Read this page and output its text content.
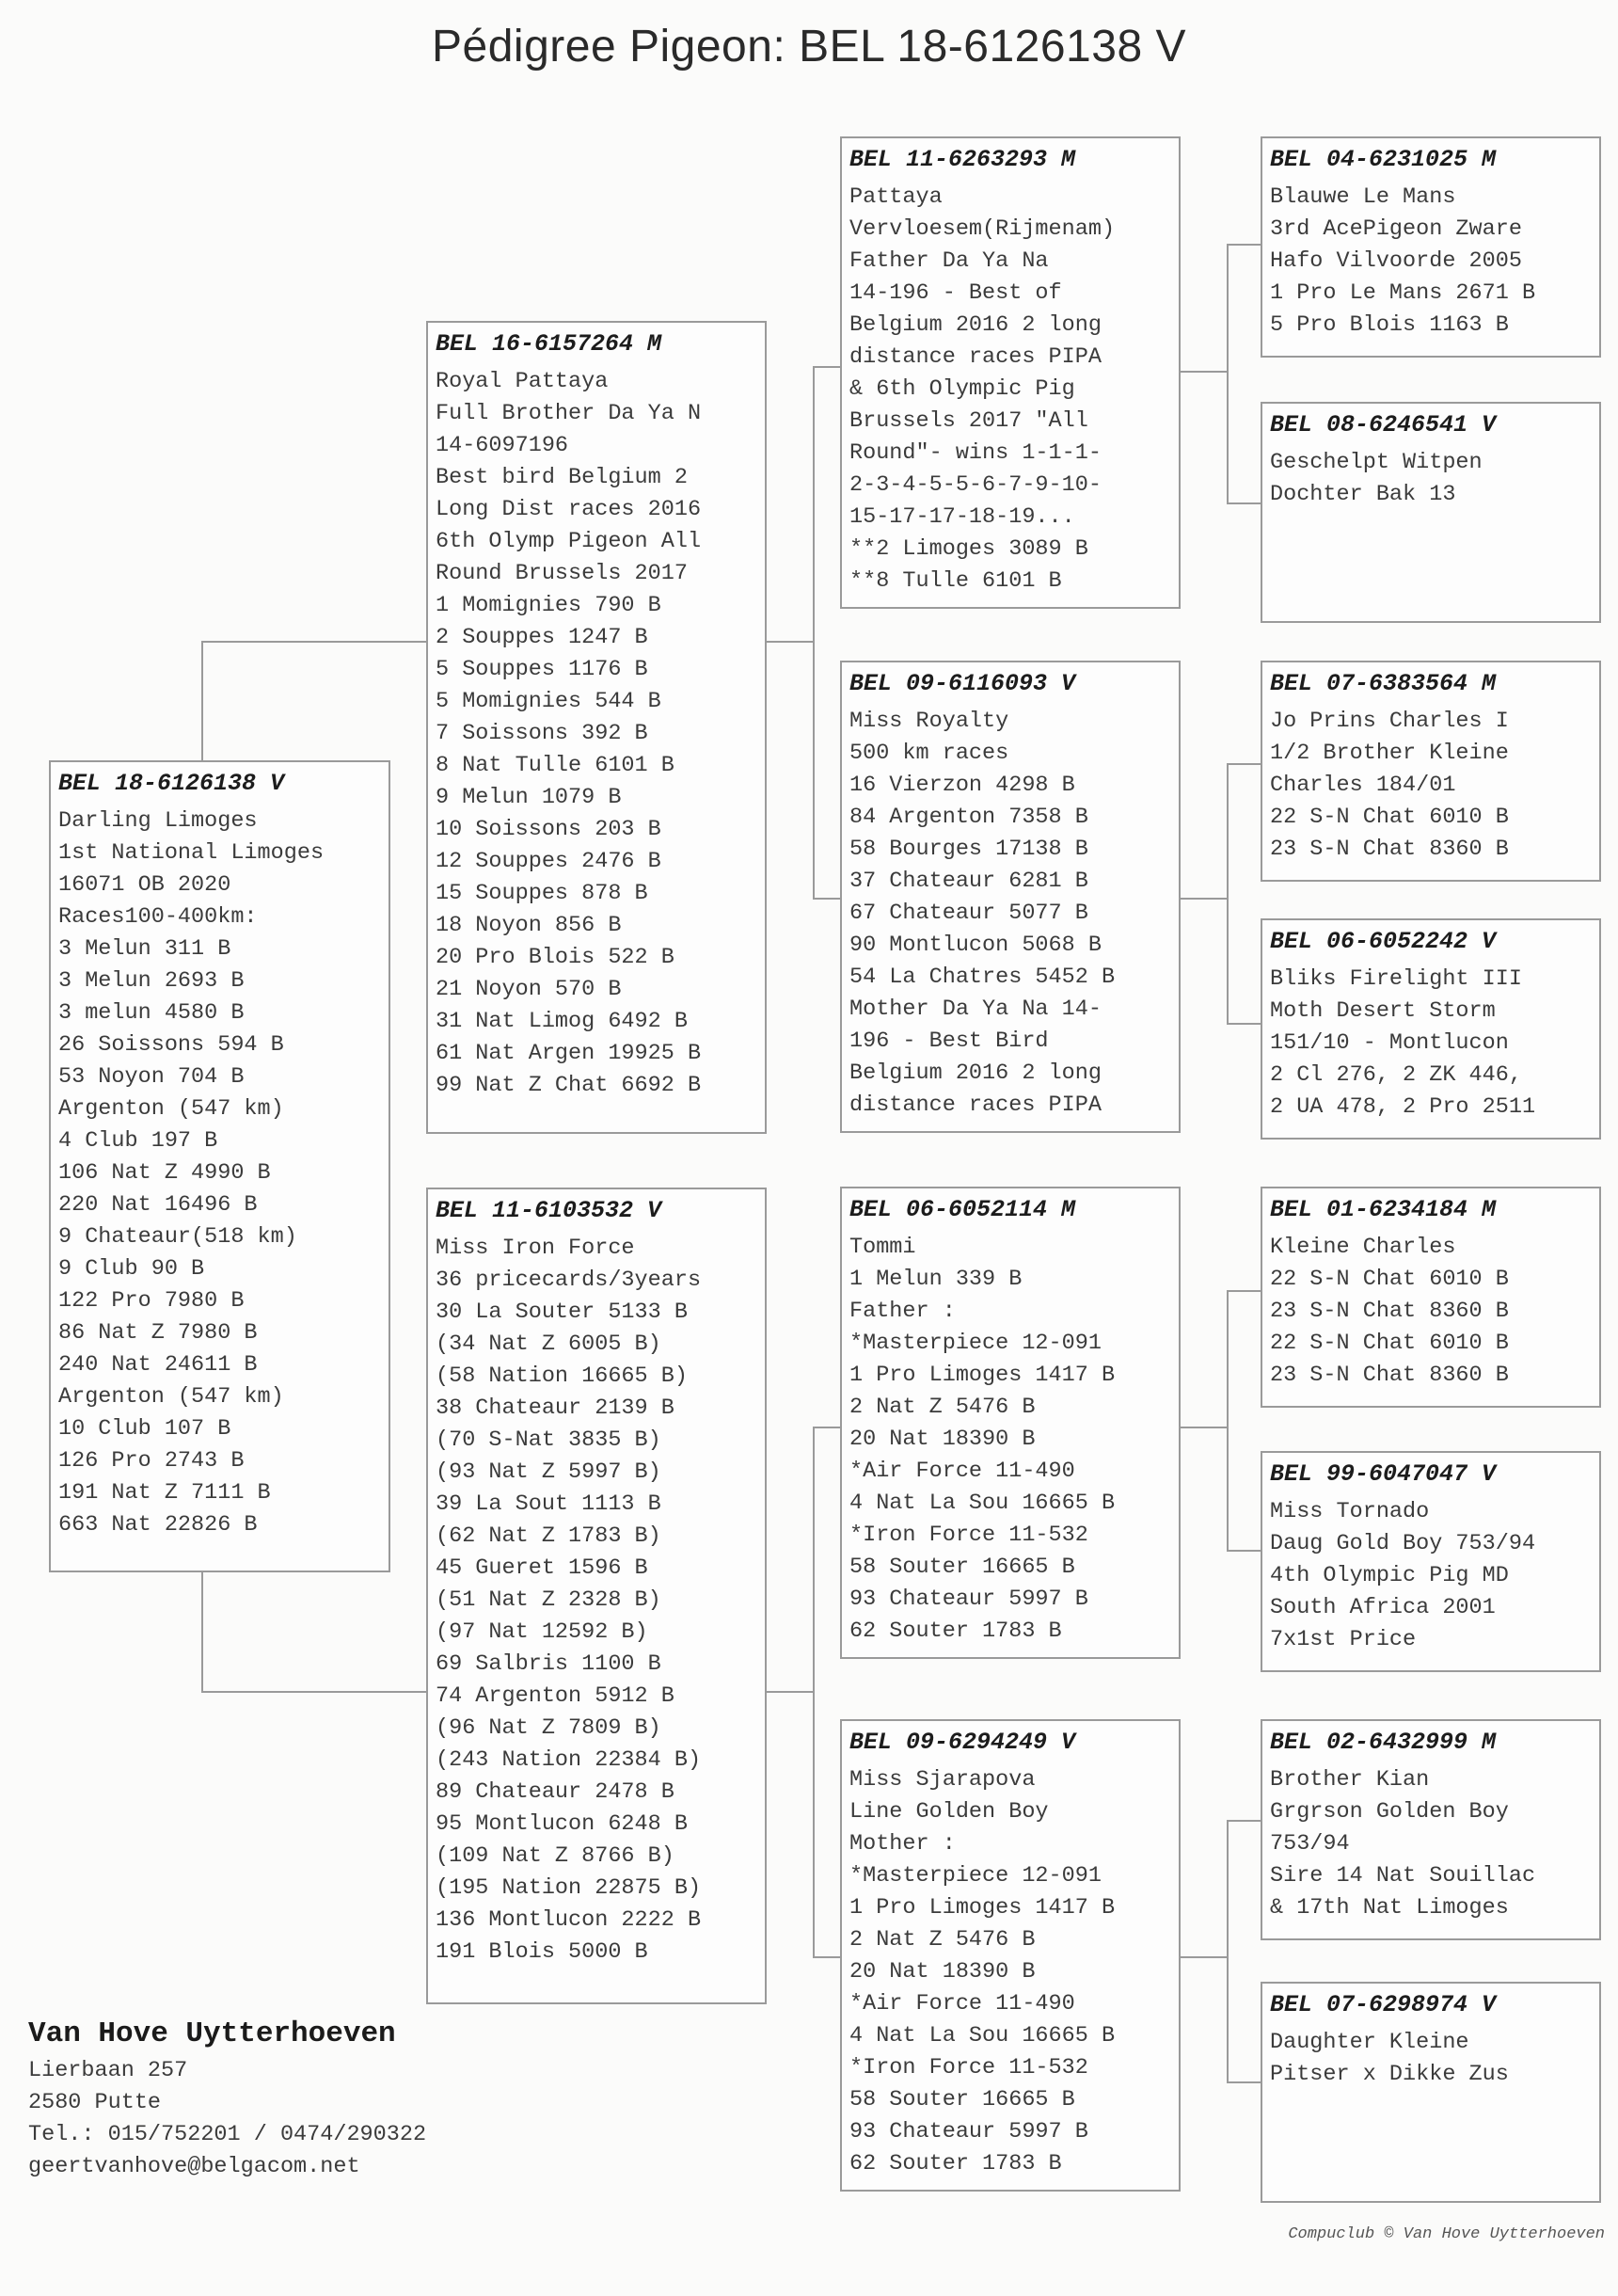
Pédigree Pigeon: BEL 18-6126138 V
BEL 18-6126138 V
Darling Limoges
1st National Limoges
16071 OB 2020
Races100-400km:
3 Melun 311 B
3 Melun 2693 B
3 melun 4580 B
26 Soissons 594 B
53 Noyon 704 B
Argenton (547 km)
4 Club 197 B
106 Nat Z 4990 B
220 Nat 16496 B
9 Chateaur(518 km)
9 Club 90 B
122 Pro 7980 B
86 Nat Z 7980 B
240 Nat 24611 B
Argenton (547 km)
10 Club 107 B
126 Pro 2743 B
191 Nat Z 7111 B
663 Nat 22826 B
BEL 16-6157264 M
Royal Pattaya
Full Brother Da Ya N
14-6097196
Best bird Belgium 2
Long Dist races 2016
6th Olymp Pigeon All
Round Brussels 2017
1 Momignies 790 B
2 Souppes 1247 B
5 Souppes 1176 B
5 Momignies 544 B
7 Soissons 392 B
8 Nat Tulle 6101 B
9 Melun 1079 B
10 Soissons 203 B
12 Souppes 2476 B
15 Souppes 878 B
18 Noyon 856 B
20 Pro Blois 522 B
21 Noyon 570 B
31 Nat Limog 6492 B
61 Nat Argen 19925 B
99 Nat Z Chat 6692 B
BEL 11-6103532 V
Miss Iron Force
36 pricecards/3years
30 La Souter 5133 B
(34 Nat Z 6005 B)
(58 Nation 16665 B)
38 Chateaur 2139 B
(70 S-Nat 3835 B)
(93 Nat Z 5997 B)
39 La Sout 1113 B
(62 Nat Z 1783 B)
45 Gueret 1596 B
(51 Nat Z 2328 B)
(97 Nat 12592 B)
69 Salbris 1100 B
74 Argenton 5912 B
(96 Nat Z 7809 B)
(243 Nation 22384 B)
89 Chateaur 2478 B
95 Montlucon 6248 B
(109 Nat Z 8766 B)
(195 Nation 22875 B)
136 Montlucon 2222 B
191 Blois 5000 B
BEL 11-6263293 M
Pattaya
Vervloesem(Rijmenam)
Father Da Ya Na
14-196 - Best of
Belgium 2016 2 long
distance races PIPA
& 6th Olympic Pig
Brussels 2017 "All
Round"- wins 1-1-1-
2-3-4-5-5-6-7-9-10-
15-17-17-18-19...
**2 Limoges 3089 B
**8 Tulle 6101 B
BEL 09-6116093 V
Miss Royalty
500 km races
16 Vierzon 4298 B
84 Argenton 7358 B
58 Bourges 17138 B
37 Chateaur 6281 B
67 Chateaur 5077 B
90 Montlucon 5068 B
54 La Chatres 5452 B
Mother Da Ya Na 14-
196 - Best Bird
Belgium 2016 2 long
distance races PIPA
BEL 06-6052114 M
Tommi
1 Melun 339 B
Father :
*Masterpiece 12-091
1 Pro Limoges 1417 B
2 Nat Z 5476 B
20 Nat 18390 B
*Air Force 11-490
4 Nat La Sou 16665 B
*Iron Force 11-532
58 Souter 16665 B
93 Chateaur 5997 B
62 Souter 1783 B
BEL 09-6294249 V
Miss Sjarapova
Line Golden Boy
Mother :
*Masterpiece 12-091
1 Pro Limoges 1417 B
2 Nat Z 5476 B
20 Nat 18390 B
*Air Force 11-490
4 Nat La Sou 16665 B
*Iron Force 11-532
58 Souter 16665 B
93 Chateaur 5997 B
62 Souter 1783 B
BEL 04-6231025 M
Blauwe Le Mans
3rd AcePigeon Zware
Hafo Vilvoorde 2005
1 Pro Le Mans 2671 B
5 Pro Blois 1163 B
BEL 08-6246541 V
Geschelpt Witpen
Dochter Bak 13
BEL 07-6383564 M
Jo Prins Charles I
1/2 Brother Kleine
Charles 184/01
22 S-N Chat 6010 B
23 S-N Chat 8360 B
BEL 06-6052242 V
Bliks Firelight III
Moth Desert Storm
151/10 - Montlucon
2 Cl 276, 2 ZK 446,
2 UA 478, 2 Pro 2511
BEL 01-6234184 M
Kleine Charles
22 S-N Chat 6010 B
23 S-N Chat 8360 B
22 S-N Chat 6010 B
23 S-N Chat 8360 B
BEL 99-6047047 V
Miss Tornado
Daug Gold Boy 753/94
4th Olympic Pig MD
South Africa 2001
7x1st Price
BEL 02-6432999 M
Brother Kian
Grgrson Golden Boy
753/94
Sire 14 Nat Souillac
& 17th Nat Limoges
BEL 07-6298974 V
Daughter Kleine
Pitser x Dikke Zus
Van Hove Uytterhoeven
Lierbaan 257
2580 Putte
Tel.: 015/752201 / 0474/290322
geertvanhove@belgacom.net
Compuclub © Van Hove Uytterhoeven
